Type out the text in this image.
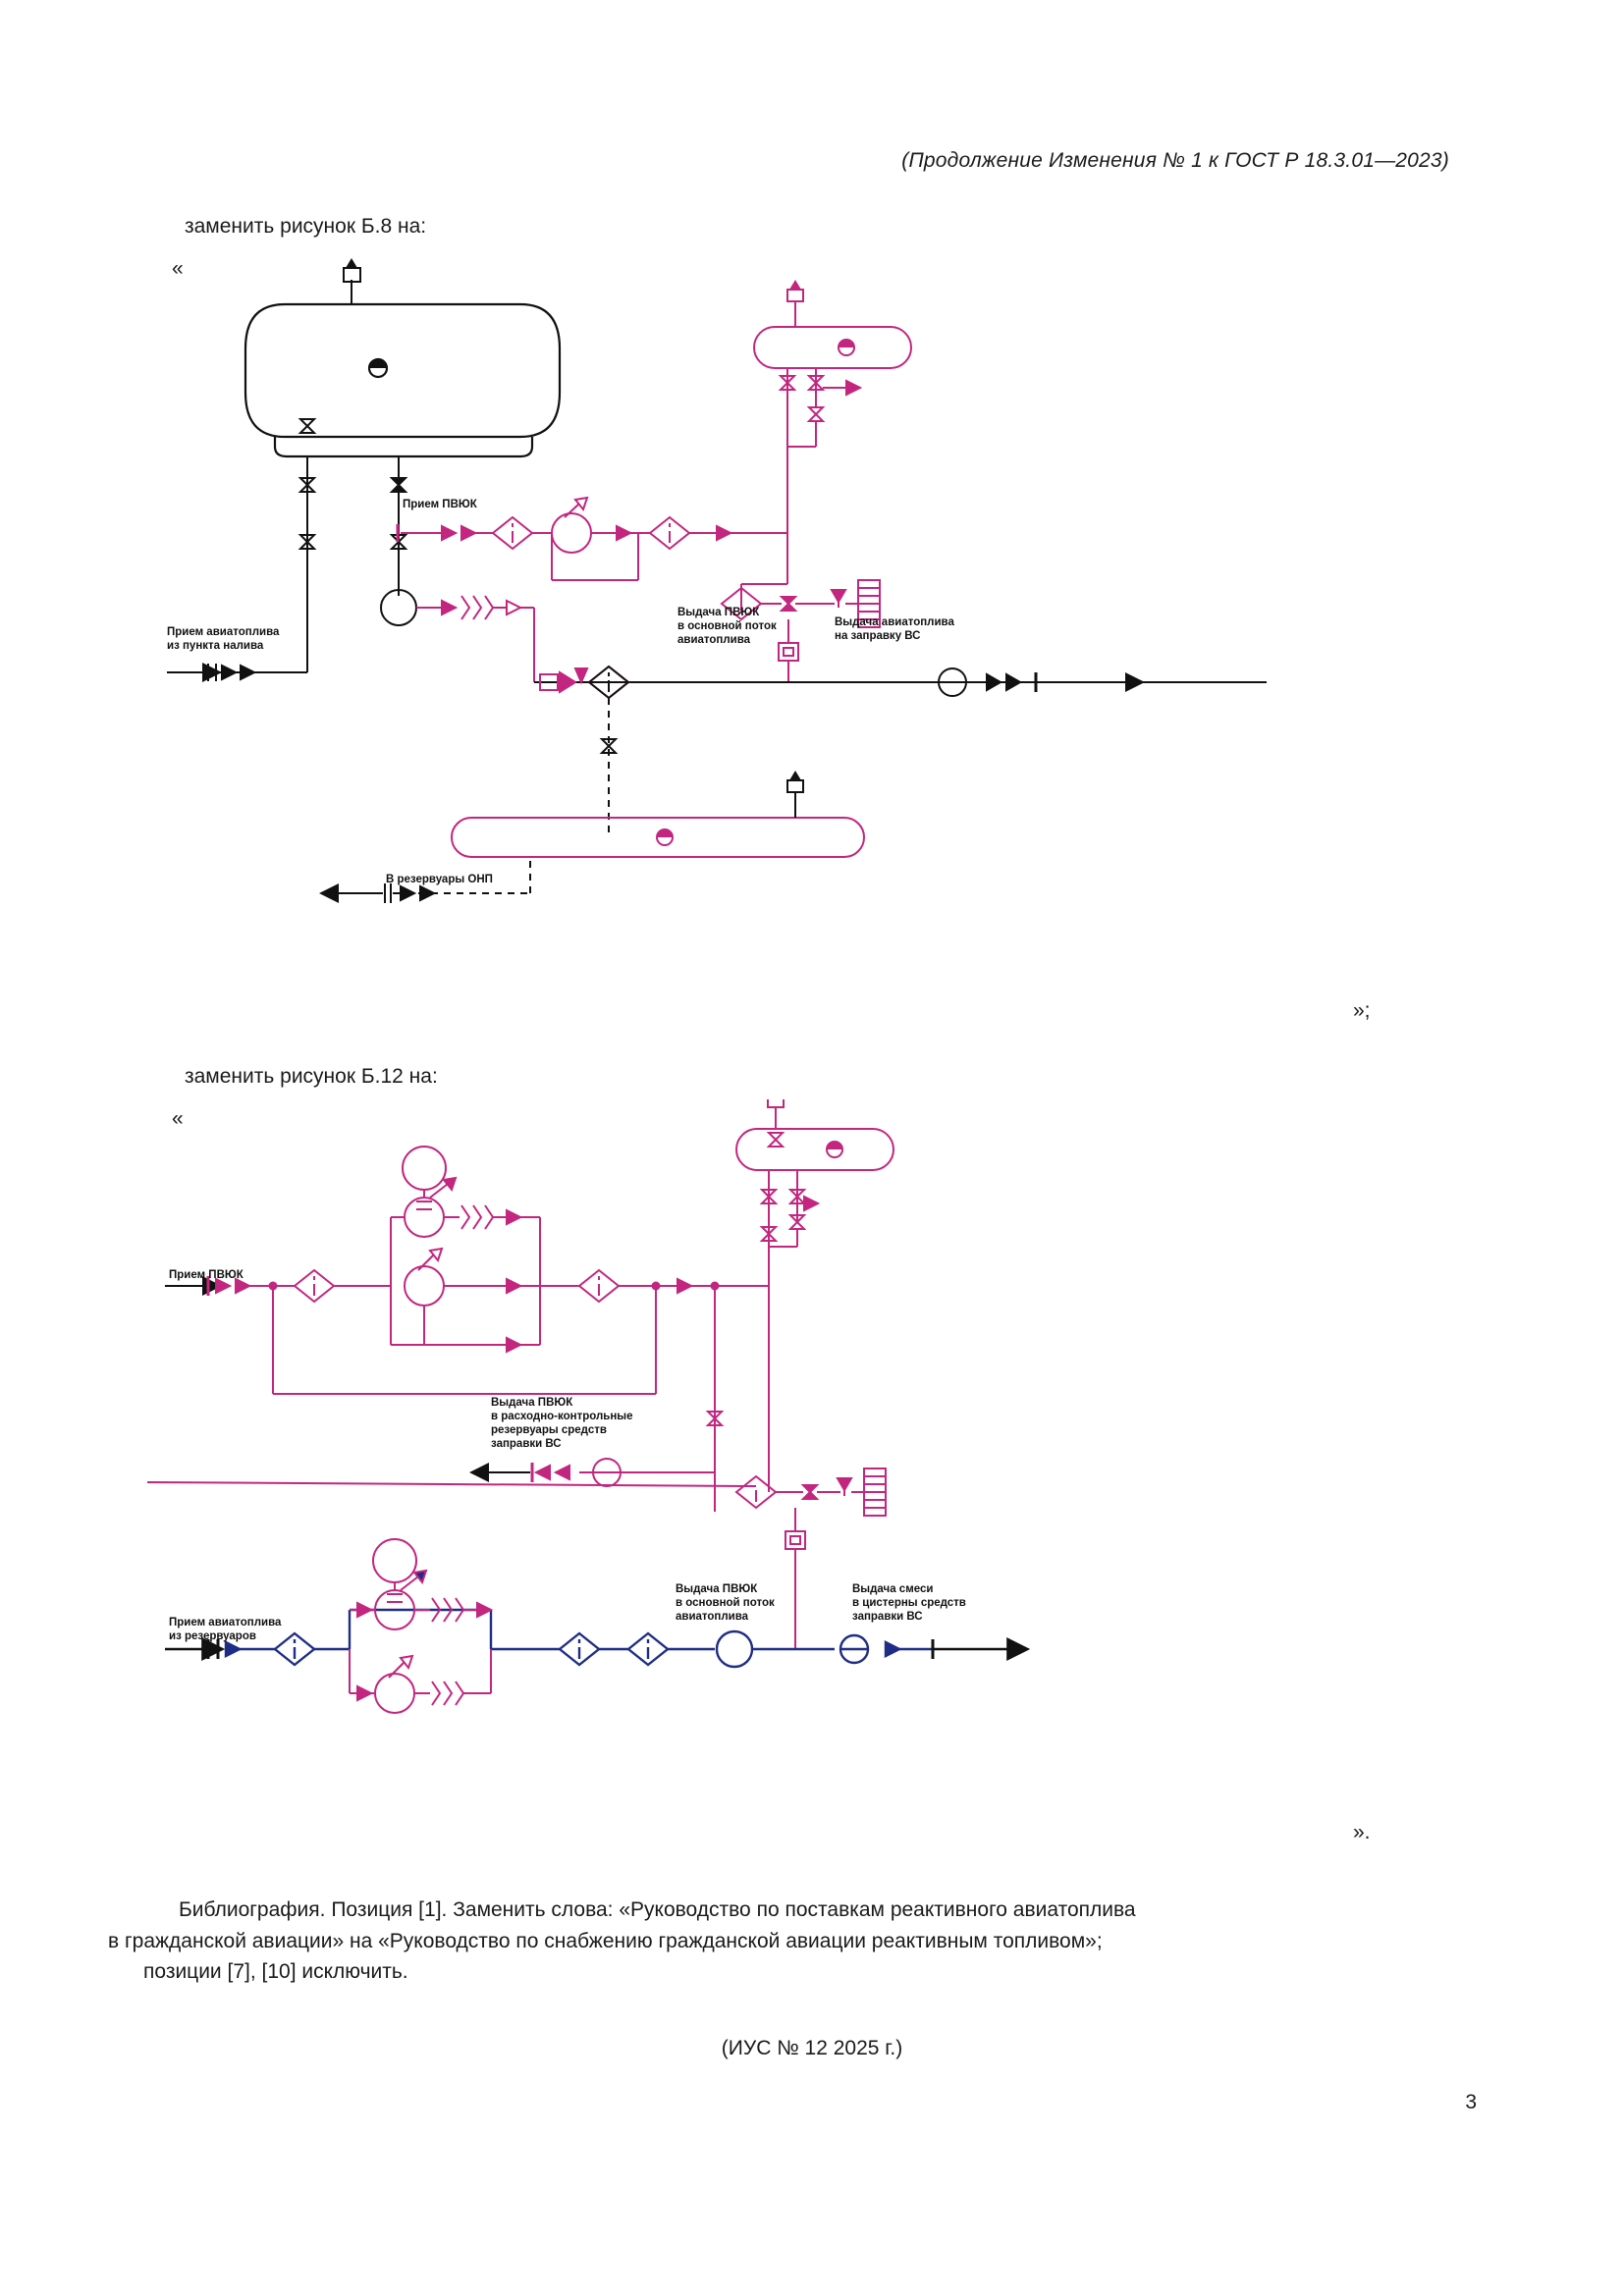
(Продолжение Изменения № 1 к ГОСТ Р 18.3.01—2023)
заменить рисунок Б.8 на:
«
Прием авиатоплива
из пункта налива
Прием ПВЮК
Выдача ПВЮК
в основной поток
авиатоплива
Выдача авиатоплива
на заправку ВС
В резервуары ОНП
»;
заменить рисунок Б.12 на:
«
Прием ПВЮК
Прием авиатоплива
из резервуаров
Выдача ПВЮК
в расходно-контрольные
резервуары средств
заправки ВС
Выдача ПВЮК
в основной поток
авиатоплива
Выдача смеси
в цистерны средств
заправки ВС
».

Библиография. Позиция [1]. Заменить слова: «Руководство по поставкам реактивного авиатоплива

в гражданской авиации» на «Руководство по снабжению гражданской авиации реактивным топливом»;

позиции [7], [10] исключить.

(ИУС № 12 2025 г.)
3
